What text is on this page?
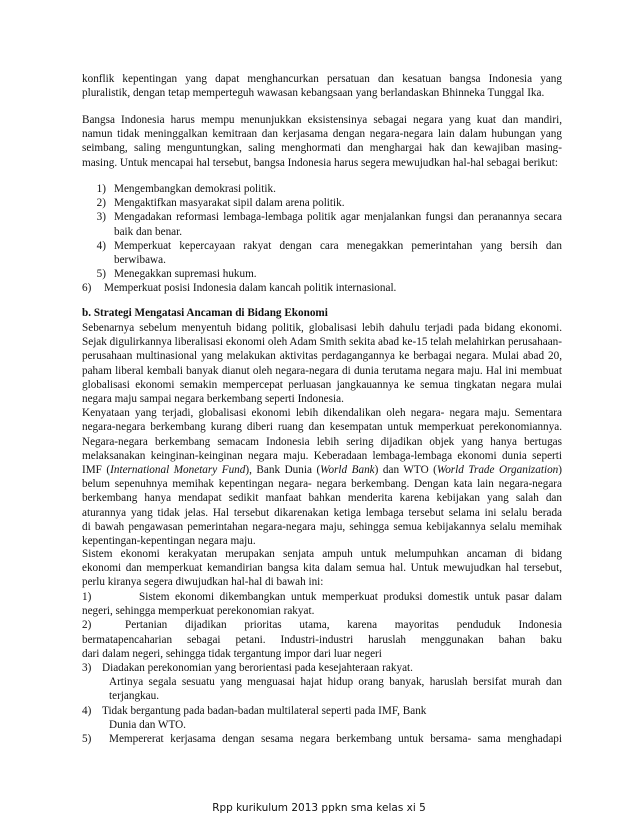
konflik kepentingan yang dapat menghancurkan persatuan dan kesatuan bangsa Indonesia yang

pluralistik, dengan tetap memperteguh wawasan kebangsaan yang berlandaskan Bhinneka Tunggal Ika.

Bangsa Indonesia harus mempu menunjukkan eksistensinya sebagai negara yang kuat dan mandiri,

namun tidak meninggalkan kemitraan dan kerjasama dengan negara-negara lain dalam hubungan yang

seimbang, saling menguntungkan, saling menghormati dan menghargai hak dan kewajiban masing-

masing. Untuk mencapai hal tersebut, bangsa Indonesia harus segera mewujudkan hal-hal sebagai berikut:

1) Mengembangkan demokrasi politik.
2) Mengaktifkan masyarakat sipil dalam arena politik.
3) Mengadakan reformasi lembaga-lembaga politik agar menjalankan fungsi dan peranannya secara
baik dan benar.
4) Memperkuat kepercayaan rakyat dengan cara menegakkan pemerintahan yang bersih dan
berwibawa.
5) Menegakkan supremasi hukum.
6)	Memperkuat posisi Indonesia dalam kancah politik internasional.
b. Strategi Mengatasi Ancaman di Bidang Ekonomi

Sebenarnya sebelum menyentuh bidang politik, globalisasi lebih dahulu terjadi pada bidang ekonomi.

Sejak digulirkannya liberalisasi ekonomi oleh Adam Smith sekita abad ke-15 telah melahirkan perusahaan-

perusahaan multinasional yang melakukan aktivitas perdagangannya ke berbagai negara. Mulai abad 20,

paham liberal kembali banyak dianut oleh negara-negara di dunia terutama negara maju. Hal ini membuat

globalisasi ekonomi semakin mempercepat perluasan jangkauannya ke semua tingkatan negara mulai

negara maju sampai negara berkembang seperti Indonesia.

Kenyataan yang terjadi, globalisasi ekonomi lebih dikendalikan oleh negara- negara maju. Sementara

negara-negara berkembang kurang diberi ruang dan kesempatan untuk memperkuat perekonomiannya.

Negara-negara berkembang semacam Indonesia lebih sering dijadikan objek yang hanya bertugas

melaksanakan keinginan-keinginan negara maju. Keberadaan lembaga-lembaga ekonomi dunia seperti

IMF (International Monetary Fund), Bank Dunia (World Bank) dan WTO (World Trade Organization)

belum sepenuhnya memihak kepentingan negara- negara berkembang. Dengan kata lain negara-negara

berkembang hanya mendapat sedikit manfaat bahkan menderita karena kebijakan yang salah dan

aturannya yang tidak jelas. Hal tersebut dikarenakan ketiga lembaga tersebut selama ini selalu berada

di bawah pengawasan pemerintahan negara-negara maju, sehingga semua kebijakannya selalu memihak

kepentingan-kepentingan negara maju.

Sistem ekonomi kerakyatan merupakan senjata ampuh untuk melumpuhkan ancaman di bidang

ekonomi dan memperkuat kemandirian bangsa kita dalam semua hal. Untuk mewujudkan hal tersebut,

perlu kiranya segera diwujudkan hal-hal di bawah ini:

1)	Sistem ekonomi dikembangkan untuk memperkuat produksi domestik untuk pasar dalam

negeri, sehingga memperkuat perekonomian rakyat.

2)	Pertanian dijadikan prioritas utama, karena mayoritas penduduk Indonesia

bermatapencaharian sebagai petani. Industri-industri haruslah menggunakan bahan baku

dari dalam negeri, sehingga tidak tergantung impor dari luar negeri

3) Diadakan perekonomian yang berorientasi pada kesejahteraan rakyat.

Artinya segala sesuatu yang menguasai hajat hidup orang banyak, haruslah bersifat murah dan

terjangkau.

4) Tidak bergantung pada badan-badan multilateral seperti pada IMF, Bank

Dunia dan WTO.

5)	Mempererat kerjasama dengan sesama negara berkembang untuk bersama- sama menghadapi
Rpp kurikulum 2013 ppkn sma kelas xi 5
